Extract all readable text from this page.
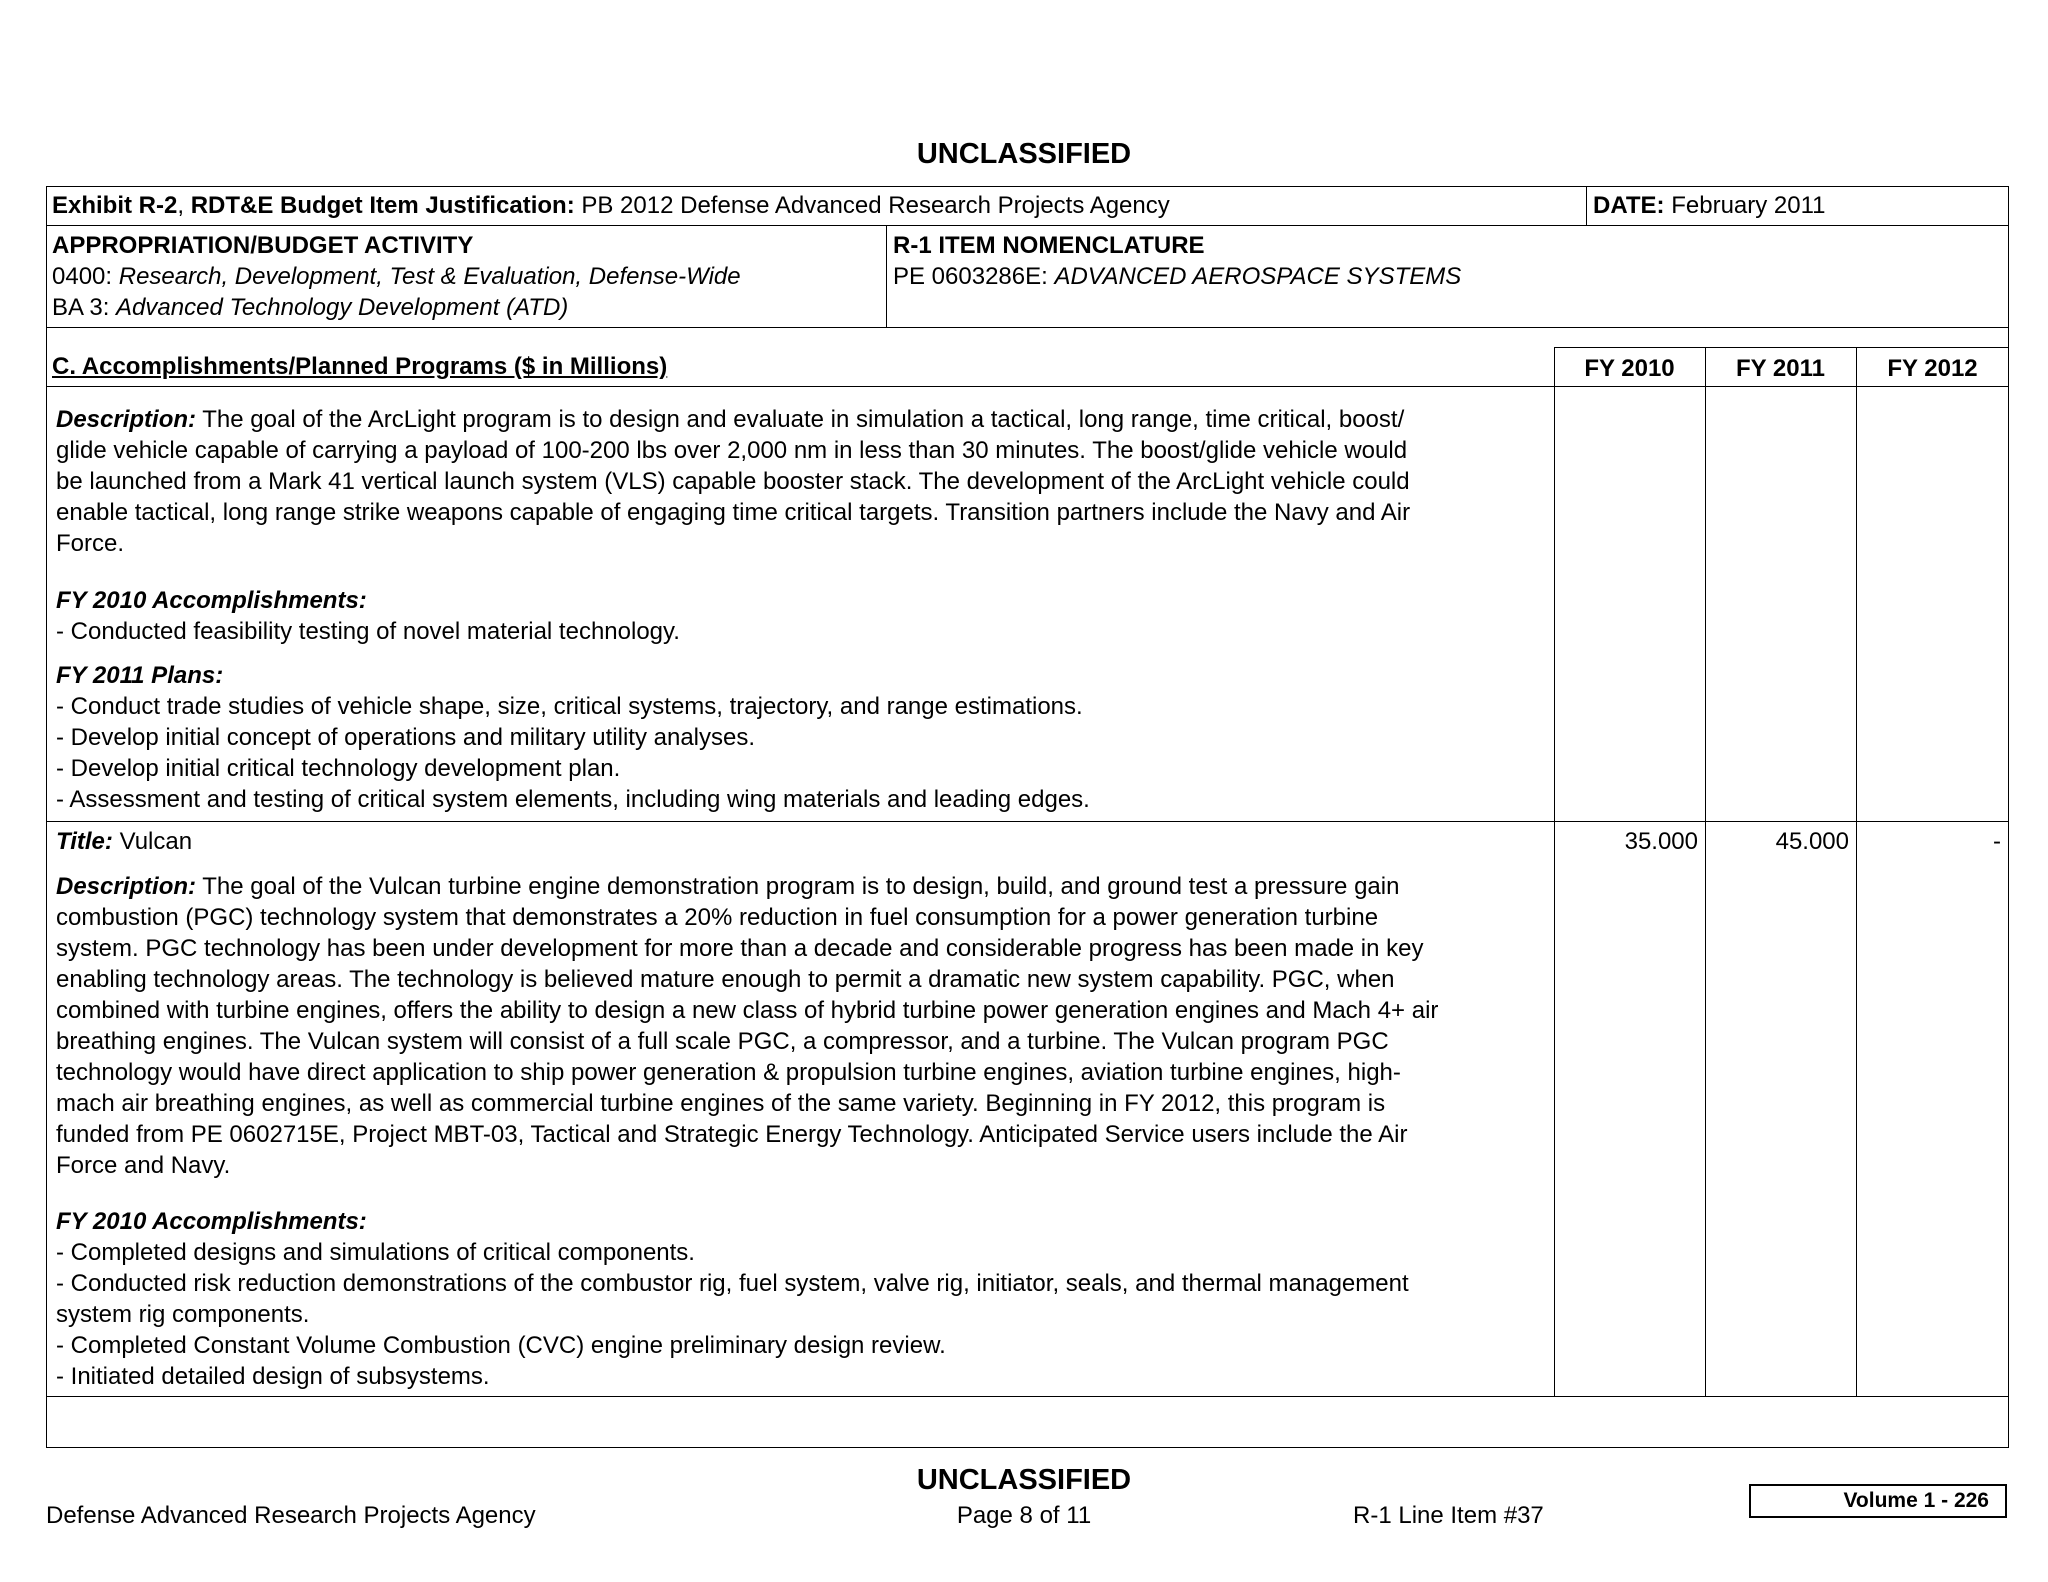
UNCLASSIFIED
Exhibit R-2, RDT&E Budget Item Justification: PB 2012 Defense Advanced Research Projects Agency	DATE: February 2011
APPROPRIATION/BUDGET ACTIVITY
0400: Research, Development, Test & Evaluation, Defense-Wide
BA 3: Advanced Technology Development (ATD)
R-1 ITEM NOMENCLATURE
PE 0603286E: ADVANCED AEROSPACE SYSTEMS
C. Accomplishments/Planned Programs ($ in Millions)	FY 2010	FY 2011	FY 2012
Description: The goal of the ArcLight program is to design and evaluate in simulation a tactical, long range, time critical, boost/
glide vehicle capable of carrying a payload of 100-200 lbs over 2,000 nm in less than 30 minutes. The boost/glide vehicle would
be launched from a Mark 41 vertical launch system (VLS) capable booster stack. The development of the ArcLight vehicle could
enable tactical, long range strike weapons capable of engaging time critical targets. Transition partners include the Navy and Air
Force.
FY 2010 Accomplishments:
- Conducted feasibility testing of novel material technology.
FY 2011 Plans:
- Conduct trade studies of vehicle shape, size, critical systems, trajectory, and range estimations.
- Develop initial concept of operations and military utility analyses.
- Develop initial critical technology development plan.
- Assessment and testing of critical system elements, including wing materials and leading edges.
Title: Vulcan	35.000	45.000	-
Description: The goal of the Vulcan turbine engine demonstration program is to design, build, and ground test a pressure gain
combustion (PGC) technology system that demonstrates a 20% reduction in fuel consumption for a power generation turbine
system. PGC technology has been under development for more than a decade and considerable progress has been made in key
enabling technology areas. The technology is believed mature enough to permit a dramatic new system capability. PGC, when
combined with turbine engines, offers the ability to design a new class of hybrid turbine power generation engines and Mach 4+ air
breathing engines. The Vulcan system will consist of a full scale PGC, a compressor, and a turbine. The Vulcan program PGC
technology would have direct application to ship power generation & propulsion turbine engines, aviation turbine engines, high-
mach air breathing engines, as well as commercial turbine engines of the same variety. Beginning in FY 2012, this program is
funded from PE 0602715E, Project MBT-03, Tactical and Strategic Energy Technology. Anticipated Service users include the Air
Force and Navy.
FY 2010 Accomplishments:
- Completed designs and simulations of critical components.
- Conducted risk reduction demonstrations of the combustor rig, fuel system, valve rig, initiator, seals, and thermal management
system rig components.
- Completed Constant Volume Combustion (CVC) engine preliminary design review.
- Initiated detailed design of subsystems.
UNCLASSIFIED
Defense Advanced Research Projects Agency	Page 8 of 11	R-1 Line Item #37
Volume 1 - 226
